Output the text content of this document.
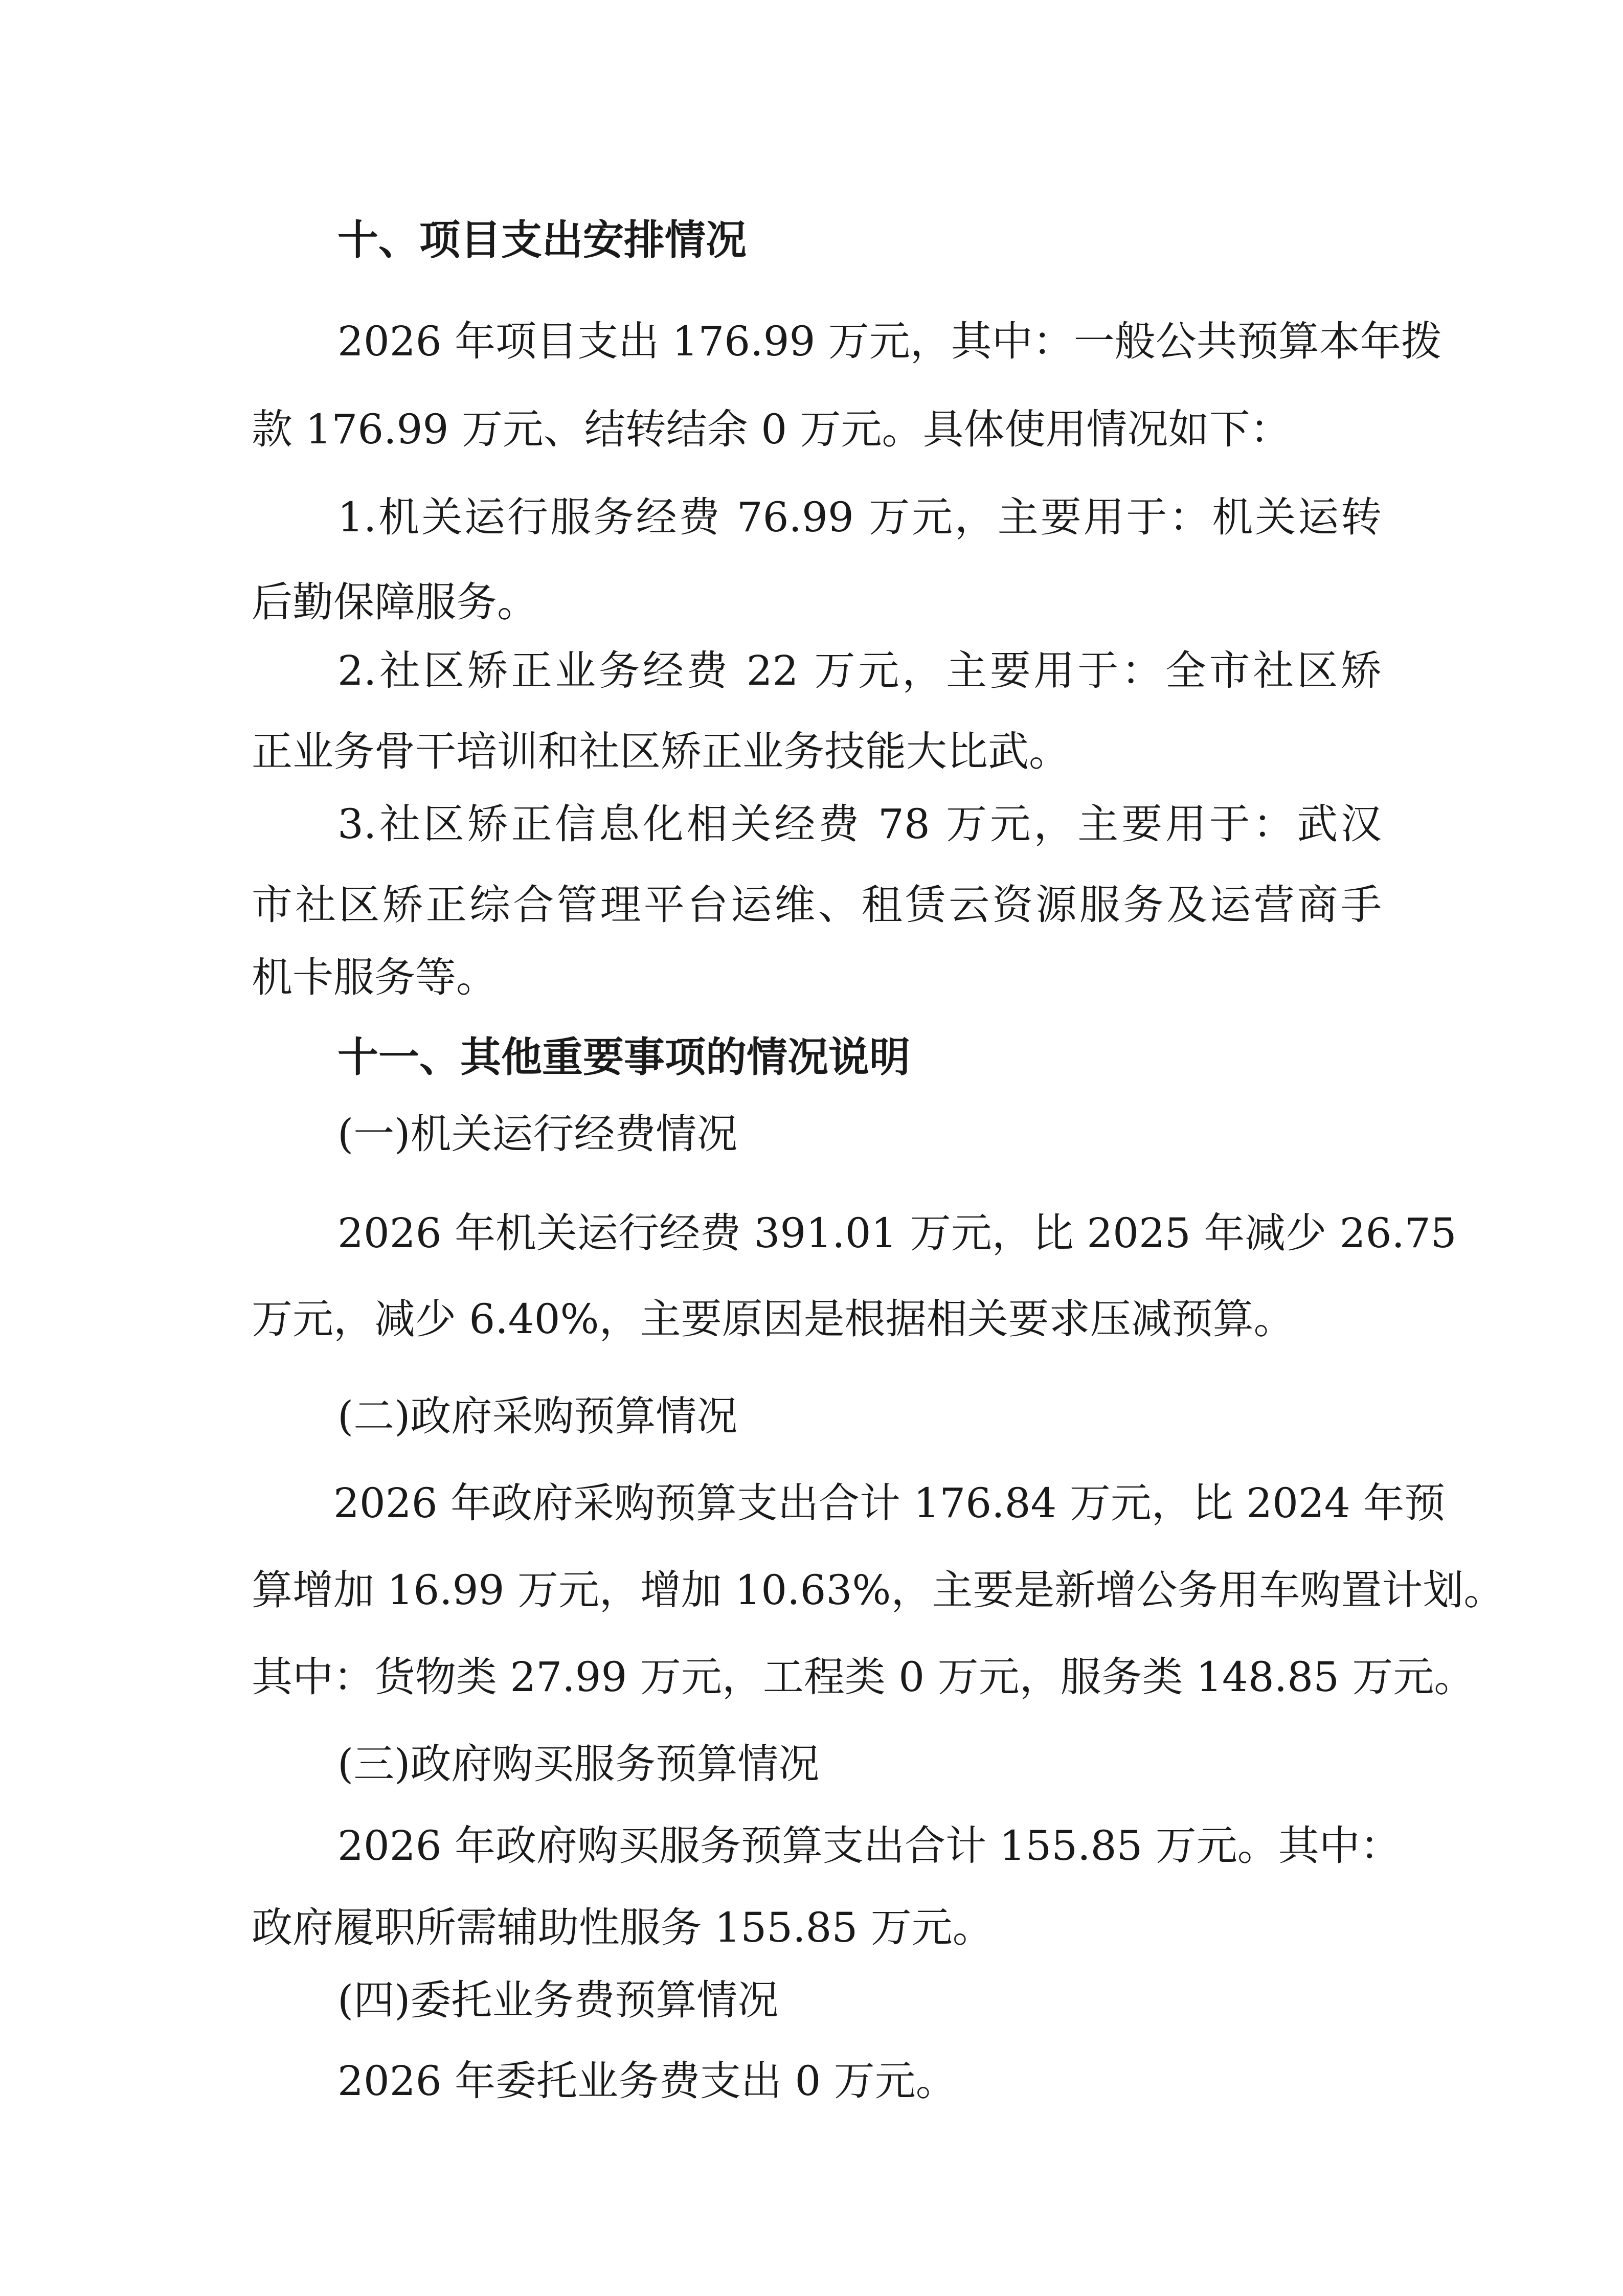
十、项目支出安排情况
2026 年项目支出 176.99 万元，其中：一般公共预算本年拨
款 176.99 万元、结转结余 0 万元。具体使用情况如下：
1.机关运行服务经费 76.99 万元，主要用于：机关运转
后勤保障服务。
2.社区矫正业务经费 22 万元，主要用于：全市社区矫
正业务骨干培训和社区矫正业务技能大比武。
3.社区矫正信息化相关经费 78 万元，主要用于：武汉
市社区矫正综合管理平台运维、租赁云资源服务及运营商手
机卡服务等。
十一、其他重要事项的情况说明
(一)机关运行经费情况
2026 年机关运行经费 391.01 万元，比 2025 年减少 26.75
万元，减少 6.40%，主要原因是根据相关要求压减预算。
(二)政府采购预算情况
2026 年政府采购预算支出合计 176.84 万元，比 2024 年预
算增加 16.99 万元，增加 10.63%，主要是新增公务用车购置计划。
其中：货物类 27.99 万元，工程类 0 万元，服务类 148.85 万元。
(三)政府购买服务预算情况
2026 年政府购买服务预算支出合计 155.85 万元。其中：
政府履职所需辅助性服务 155.85 万元。
(四)委托业务费预算情况
2026 年委托业务费支出 0 万元。
